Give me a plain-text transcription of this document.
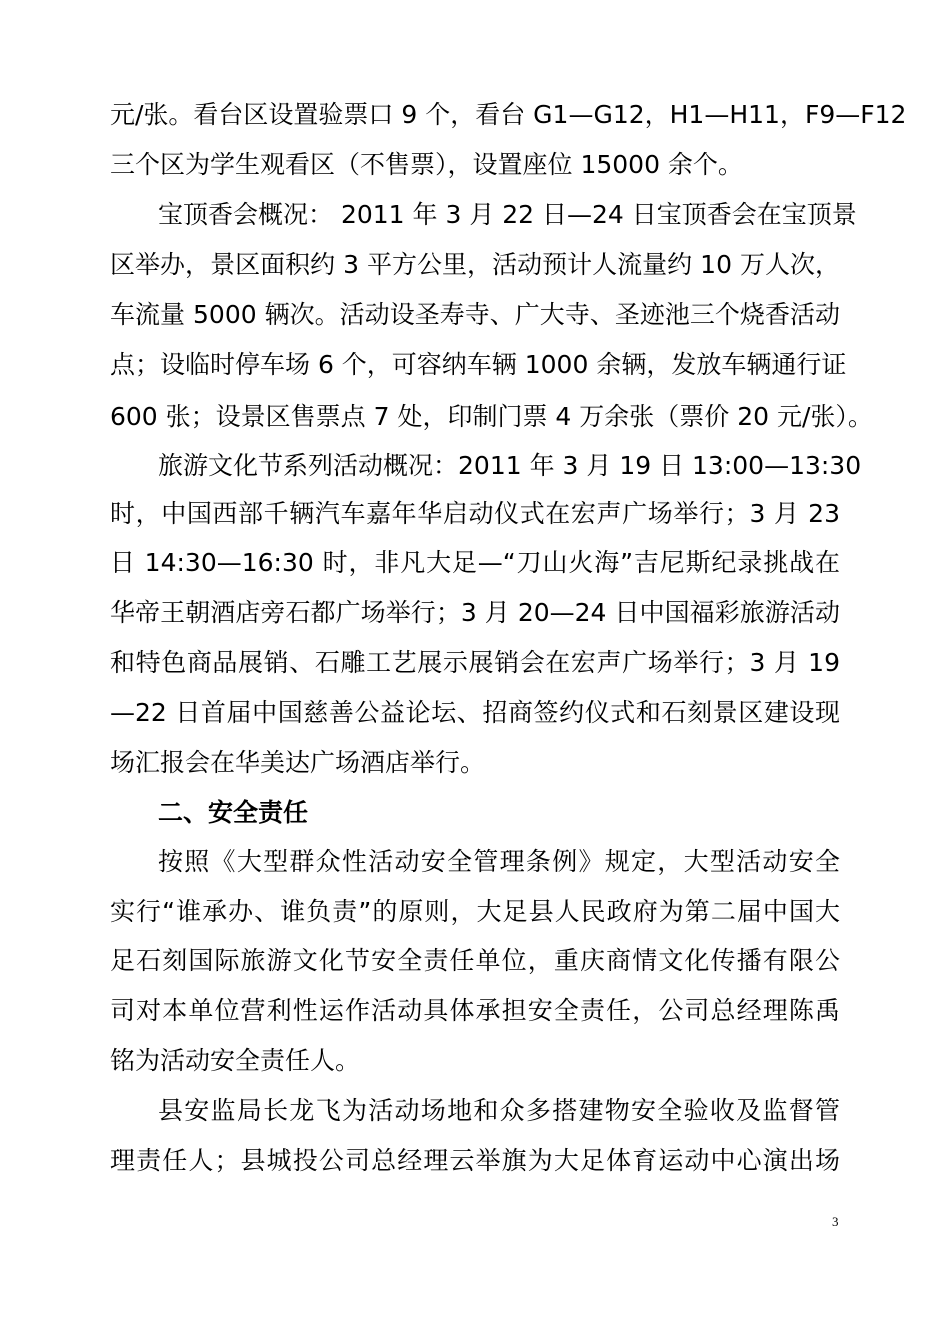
元/张。看台区设置验票口 9 个，看台 G1—G12，H1—H11，F9—F12
三个区为学生观看区（不售票），设置座位 15000 余个。
宝顶香会概况： 2011 年 3 月 22 日—24 日宝顶香会在宝顶景
区举办，景区面积约 3 平方公里，活动预计人流量约 10 万人次，
车流量 5000 辆次。活动设圣寿寺、广大寺、圣迹池三个烧香活动
点；设临时停车场 6 个，可容纳车辆 1000 余辆，发放车辆通行证
600 张；设景区售票点 7 处，印制门票 4 万余张（票价 20 元/张）。
旅游文化节系列活动概况：2011 年 3 月 19 日 13:00—13:30
时，中国西部千辆汽车嘉年华启动仪式在宏声广场举行；3 月 23
日 14:30—16:30 时，非凡大足—“刀山火海”吉尼斯纪录挑战在
华帝王朝酒店旁石都广场举行；3 月 20—24 日中国福彩旅游活动
和特色商品展销、石雕工艺展示展销会在宏声广场举行；3 月 19
—22 日首届中国慈善公益论坛、招商签约仪式和石刻景区建设现
场汇报会在华美达广场酒店举行。
二、安全责任
按照《大型群众性活动安全管理条例》规定，大型活动安全
实行“谁承办、谁负责”的原则，大足县人民政府为第二届中国大
足石刻国际旅游文化节安全责任单位，重庆商情文化传播有限公
司对本单位营利性运作活动具体承担安全责任，公司总经理陈禹
铭为活动安全责任人。
县安监局长龙飞为活动场地和众多搭建物安全验收及监督管
理责任人；县城投公司总经理云举旗为大足体育运动中心演出场
3
